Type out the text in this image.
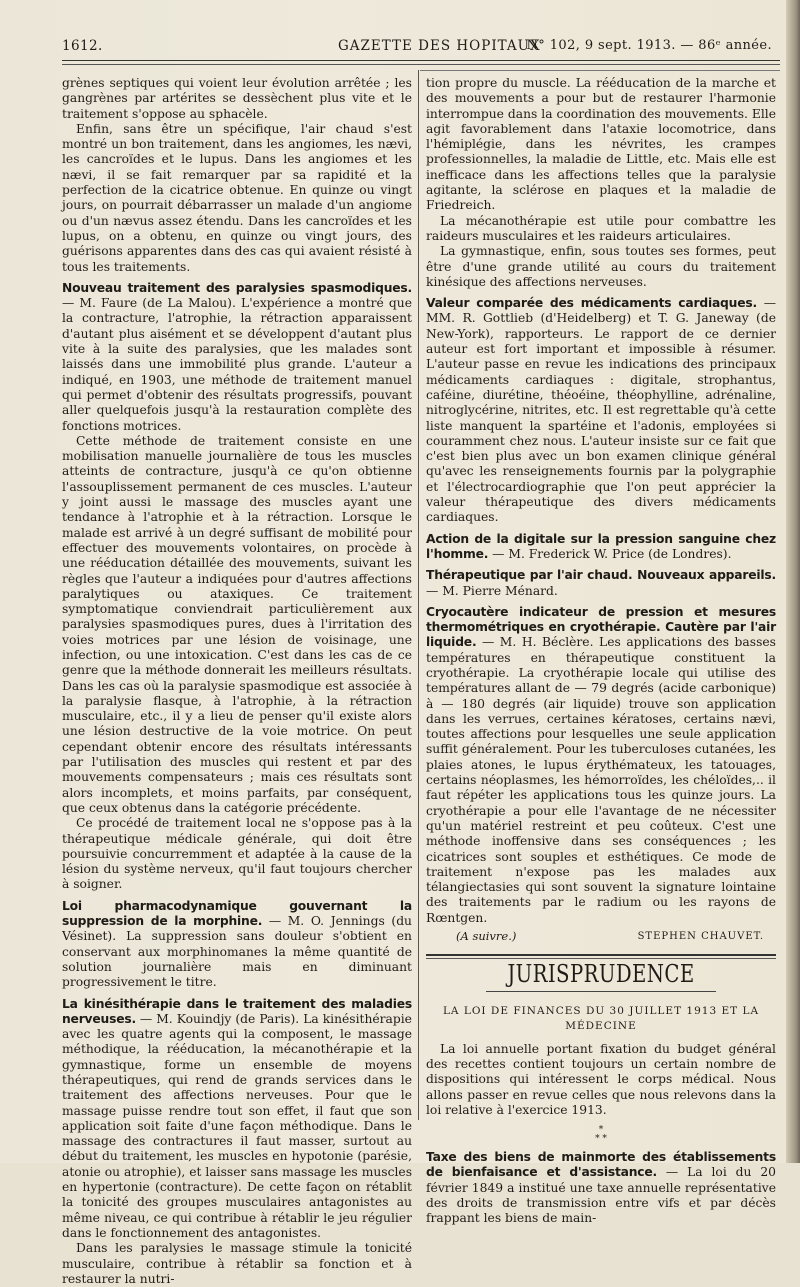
1612.	GAZETTE DES HOPITAUX
N° 102, 9 sept. 1913. — 86ᵉ année.

grènes septiques qui voient leur évolution arrêtée ; les gangrènes par artérites se dessèchent plus vite et le traitement s'oppose au sphacèle.

Enfin, sans être un spécifique, l'air chaud s'est montré un bon traitement, dans les angiomes, les nævi, les cancroïdes et le lupus. Dans les angiomes et les nævi, il se fait remarquer par sa rapidité et la perfection de la cicatrice obtenue. En quinze ou vingt jours, on pourrait débarrasser un malade d'un angiome ou d'un nævus assez étendu. Dans les cancroïdes et les lupus, on a obtenu, en quinze ou vingt jours, des guérisons apparentes dans des cas qui avaient résisté à tous les traitements.

Nouveau traitement des paralysies spasmodiques. — M. Faure (de La Malou). L'expérience a montré que la contracture, l'atrophie, la rétraction apparaissent d'autant plus aisément et se développent d'autant plus vite à la suite des paralysies, que les malades sont laissés dans une immobilité plus grande. L'auteur a indiqué, en 1903, une méthode de traitement manuel qui permet d'obtenir des résultats progressifs, pouvant aller quelquefois jusqu'à la restauration complète des fonctions motrices.

Cette méthode de traitement consiste en une mobilisation manuelle journalière de tous les muscles atteints de contracture, jusqu'à ce qu'on obtienne l'assouplissement permanent de ces muscles. L'auteur y joint aussi le massage des muscles ayant une tendance à l'atrophie et à la rétraction. Lorsque le malade est arrivé à un degré suffisant de mobilité pour effectuer des mouvements volontaires, on procède à une rééducation détaillée des mouvements, suivant les règles que l'auteur a indiquées pour d'autres affections paralytiques ou ataxiques. Ce traitement symptomatique conviendrait particulièrement aux paralysies spasmodiques pures, dues à l'irritation des voies motrices par une lésion de voisinage, une infection, ou une intoxication. C'est dans les cas de ce genre que la méthode donnerait les meilleurs résultats. Dans les cas où la paralysie spasmodique est associée à la paralysie flasque, à l'atrophie, à la rétraction musculaire, etc., il y a lieu de penser qu'il existe alors une lésion destructive de la voie motrice. On peut cependant obtenir encore des résultats intéressants par l'utilisation des muscles qui restent et par des mouvements compensateurs ; mais ces résultats sont alors incomplets, et moins parfaits, par conséquent, que ceux obtenus dans la catégorie précédente.

Ce procédé de traitement local ne s'oppose pas à la thérapeutique médicale générale, qui doit être poursuivie concurremment et adaptée à la cause de la lésion du système nerveux, qu'il faut toujours chercher à soigner.

Loi pharmacodynamique gouvernant la suppression de la morphine. — M. O. Jennings (du Vésinet). La suppression sans douleur s'obtient en conservant aux morphinomanes la même quantité de solution journalière mais en diminuant progressivement le titre.

La kinésithérapie dans le traitement des maladies nerveuses. — M. Kouindjy (de Paris). La kinésithérapie avec les quatre agents qui la composent, le massage méthodique, la rééducation, la mécanothérapie et la gymnastique, forme un ensemble de moyens thérapeutiques, qui rend de grands services dans le traitement des affections nerveuses. Pour que le massage puisse rendre tout son effet, il faut que son application soit faite d'une façon méthodique. Dans le massage des contractures il faut masser, surtout au début du traitement, les muscles en hypotonie (parésie, atonie ou atrophie), et laisser sans massage les muscles en hypertonie (contracture). De cette façon on rétablit la tonicité des groupes musculaires antagonistes au même niveau, ce qui contribue à rétablir le jeu régulier dans le fonctionnement des antagonistes.

Dans les paralysies le massage stimule la tonicité musculaire, contribue à rétablir sa fonction et à restaurer la nutri-

tion propre du muscle. La rééducation de la marche et des mouvements a pour but de restaurer l'harmonie interrompue dans la coordination des mouvements. Elle agit favorablement dans l'ataxie locomotrice, dans l'hémiplégie, dans les névrites, les crampes professionnelles, la maladie de Little, etc. Mais elle est inefficace dans les affections telles que la paralysie agitante, la sclérose en plaques et la maladie de Friedreich.

La mécanothérapie est utile pour combattre les raideurs musculaires et les raideurs articulaires.

La gymnastique, enfin, sous toutes ses formes, peut être d'une grande utilité au cours du traitement kinésique des affections nerveuses.

Valeur comparée des médicaments cardiaques. — MM. R. Gottlieb (d'Heidelberg) et T. G. Janeway (de New-York), rapporteurs. Le rapport de ce dernier auteur est fort important et impossible à résumer. L'auteur passe en revue les indications des principaux médicaments cardiaques : digitale, strophantus, caféine, diurétine, théoéine, théophylline, adrénaline, nitroglycérine, nitrites, etc. Il est regrettable qu'à cette liste manquent la spartéine et l'adonis, employées si couramment chez nous. L'auteur insiste sur ce fait que c'est bien plus avec un bon examen clinique général qu'avec les renseignements fournis par la polygraphie et l'électrocardiographie que l'on peut apprécier la valeur thérapeutique des divers médicaments cardiaques.

Action de la digitale sur la pression sanguine chez l'homme. — M. Frederick W. Price (de Londres).

Thérapeutique par l'air chaud. Nouveaux appareils. — M. Pierre Ménard.

Cryocautère indicateur de pression et mesures thermométriques en cryothérapie. Cautère par l'air liquide. — M. H. Béclère. Les applications des basses températures en thérapeutique constituent la cryothérapie. La cryothérapie locale qui utilise des températures allant de — 79 degrés (acide carbonique) à — 180 degrés (air liquide) trouve son application dans les verrues, certaines kératoses, certains nævi, toutes affections pour lesquelles une seule application suffit généralement. Pour les tuberculoses cutanées, les plaies atones, le lupus érythémateux, les tatouages, certains néoplasmes, les hémorroïdes, les chéloïdes,.. il faut répéter les applications tous les quinze jours. La cryothérapie a pour elle l'avantage de ne nécessiter qu'un matériel restreint et peu coûteux. C'est une méthode inoffensive dans ses conséquences ; les cicatrices sont souples et esthétiques. Ce mode de traitement n'expose pas les malades aux télangiectasies qui sont souvent la signature lointaine des traitements par le radium ou les rayons de Rœntgen.

(A suivre.)	STEPHEN CHAUVET.
JURISPRUDENCE
LA LOI DE FINANCES DU 30 JUILLET 1913 ET LA MÉDECINE

La loi annuelle portant fixation du budget général des recettes contient toujours un certain nombre de dispositions qui intéressent le corps médical. Nous allons passer en revue celles que nous relevons dans la loi relative à l'exercice 1913.

*
* *

Taxe des biens de mainmorte des établissements de bienfaisance et d'assistance. — La loi du 20 février 1849 a institué une taxe annuelle représentative des droits de transmission entre vifs et par décès frappant les biens de main-
